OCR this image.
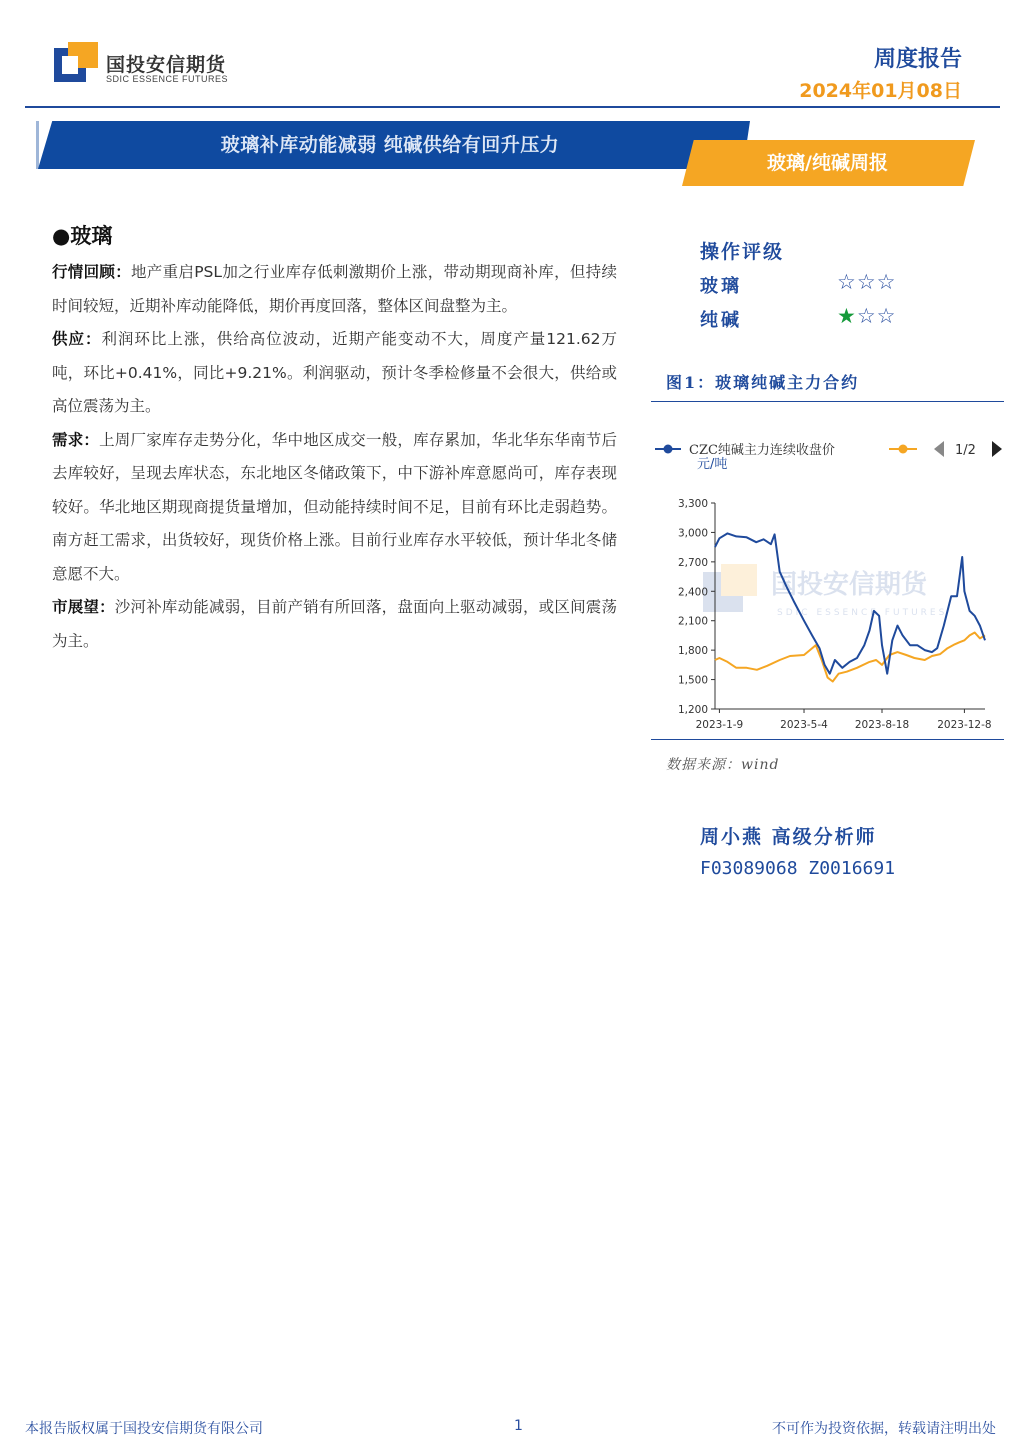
国投安信期货
SDIC ESSENCE FUTURES
周度报告
2024年01月08日
玻璃补库动能减弱 纯碱供给有回升压力
玻璃/纯碱周报
●玻璃

行情回顾：地产重启PSL加之行业库存低刺激期价上涨，带动期现商补库，但持续时间较短，近期补库动能降低，期价再度回落，整体区间盘整为主。

供应：利润环比上涨，供给高位波动，近期产能变动不大，周度产量121.62万吨，环比+0.41%，同比+9.21%。利润驱动，预计冬季检修量不会很大，供给或高位震荡为主。

需求：上周厂家库存走势分化，华中地区成交一般，库存累加，华北华东华南节后去库较好，呈现去库状态，东北地区冬储政策下，中下游补库意愿尚可，库存表现较好。华北地区期现商提货量增加，但动能持续时间不足，目前有环比走弱趋势。南方赶工需求，出货较好，现货价格上涨。目前行业库存水平较低，预计华北冬储意愿不大。

市展望：沙河补库动能减弱，目前产销有所回落，盘面向上驱动减弱，或区间震荡为主。

操作评级
玻璃	☆☆☆
纯碱	★☆☆
图1：玻璃纯碱主力合约
CZC纯碱主力连续收盘价	1/2
元/吨
国投安信期货
SDIC ESSENCE FUTURES
3,300
3,000
2,700
2,400
2,100
1,800
1,500
1,200
2023-1-9	2023-5-4	2023-8-18	2023-12-8
数据来源：wind
周小燕 高级分析师
F03089068 Z0016691
本报告版权属于国投安信期货有限公司	1	不可作为投资依据，转载请注明出处
